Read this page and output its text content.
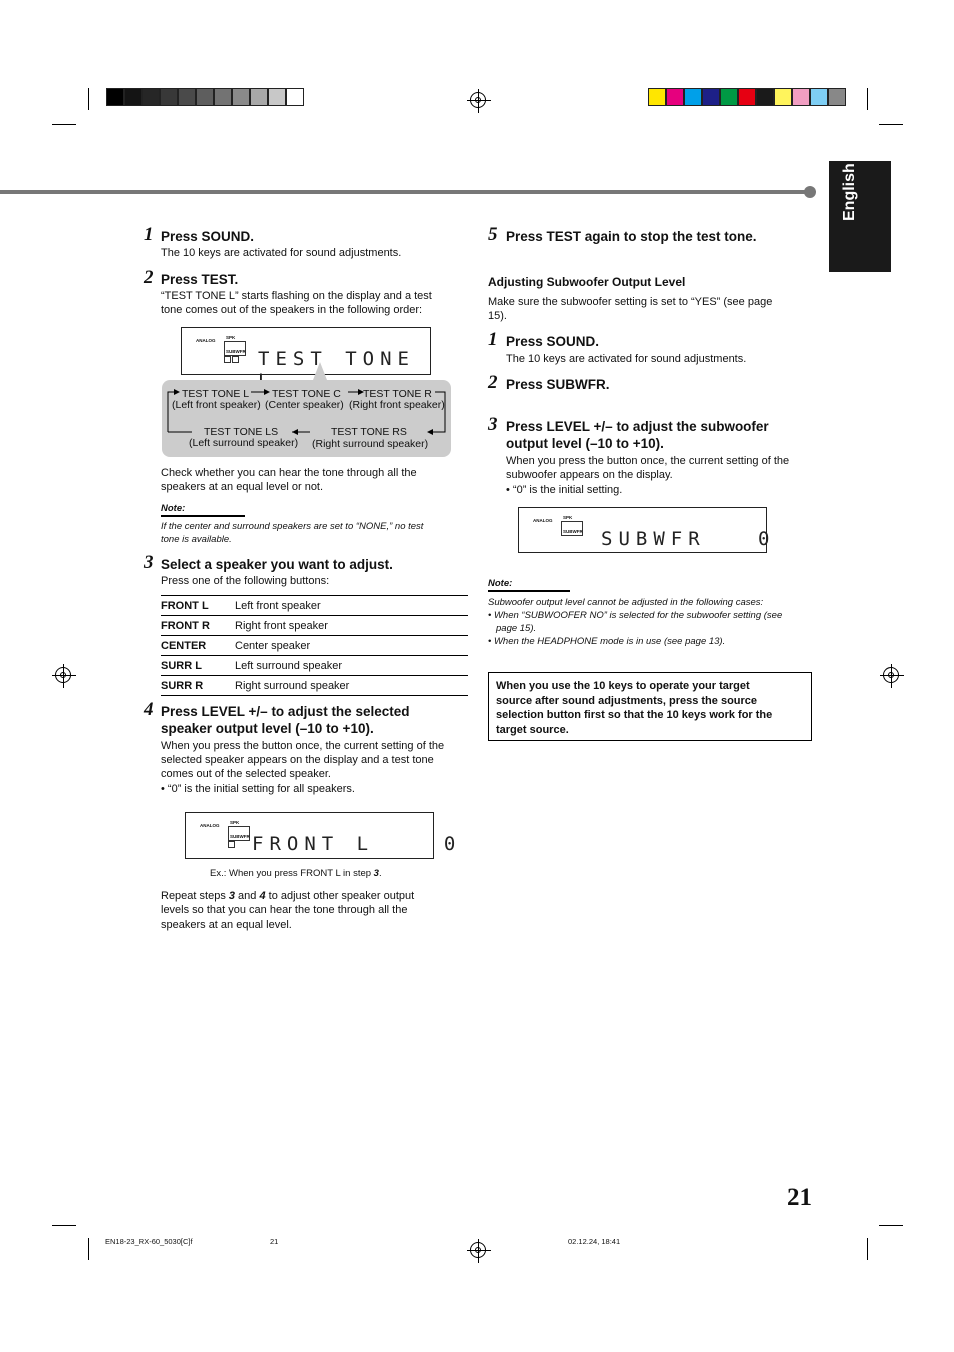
English
1 Press SOUND.
The 10 keys are activated for sound adjustments.
2 Press TEST.
“TEST TONE L” starts flashing on the display and a test
tone comes out of the speakers in the following order:
ANALOG
SPK
SUBWFR TEST TONE
TEST TONE L
(Left front speaker)
TEST TONE C
(Center speaker)
TEST TONE R
(Right front speaker)
TEST TONE LS
(Left surround speaker)
TEST TONE RS
(Right surround speaker)
Check whether you can hear the tone through all the
speakers at an equal level or not.
Note:
If the center and surround speakers are set to “NONE,” no test
tone is available.
3 Select a speaker you want to adjust.
Press one of the following buttons:
FRONT L	Left front speaker
FRONT R	Right front speaker
CENTER	Center speaker
SURR L	Left surround speaker
SURR R	Right surround speaker
4 Press LEVEL +/– to adjust the selected
speaker output level (–10 to +10).
When you press the button once, the current setting of the
selected speaker appears on the display and a test tone
comes out of the selected speaker.
• “0” is the initial setting for all speakers.
ANALOG
SPK
SUBWFR FRONT L    0
Ex.: When you press FRONT L in step 3.
Repeat steps 3 and 4 to adjust other speaker output
levels so that you can hear the tone through all the
speakers at an equal level.
5 Press TEST again to stop the test tone.
Adjusting Subwoofer Output Level
Make sure the subwoofer setting is set to “YES” (see page
15).
1 Press SOUND.
The 10 keys are activated for sound adjustments.
2 Press SUBWFR.
3 Press LEVEL +/– to adjust the subwoofer
output level (–10 to +10).
When you press the button once, the current setting of the
subwoofer appears on the display.
• “0” is the initial setting.
ANALOG
SPK
SUBWFR SUBWFR   0
Note:
Subwoofer output level cannot be adjusted in the following cases:
• When “SUBWOOFER NO” is selected for the subwoofer setting (see
page 15).
• When the HEADPHONE mode is in use (see page 13).
When you use the 10 keys to operate your target
source after sound adjustments, press the source
selection button first so that the 10 keys work for the
target source.
21
EN18-23_RX-60_5030[C]f	21	02.12.24, 18:41
